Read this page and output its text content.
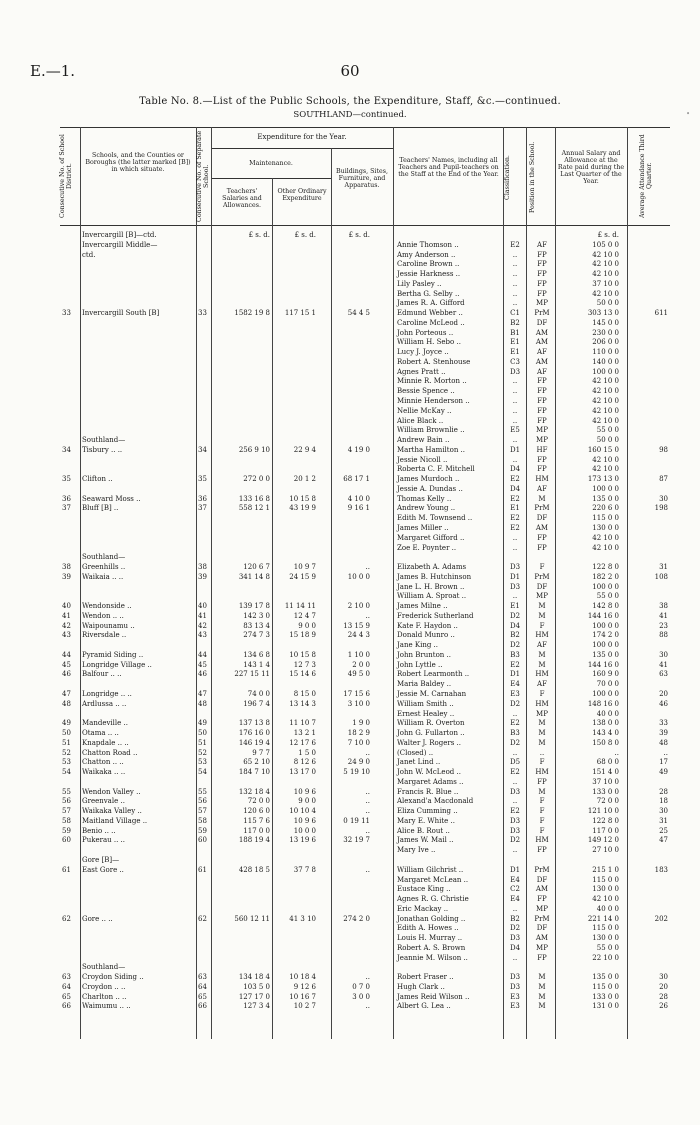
E.—1.	60
Table No. 8.—List of the Public Schools, the Expenditure, Staff, &c.—continued.
SOUTHLAND—continued.
Consecutive No. of School District.
Schools, and the Counties or Boroughs (the latter marked [B]) in which situate.	Consecutive No. of Separate School.
Expenditure for the Year.
Maintenance.
Teachers' Salaries and Allowances.
Other Ordinary Expenditure
Buildings, Sites, Furniture, and Apparatus.
Teachers' Names, including all Teachers and Pupil-teachers on the Staff at the End of the Year. Classification.	Position in the School.	Annual Salary and Allowance at the Rate paid during the Last Quarter of the Year.	Average Attendance Third Quarter.
Invercargill [B]—ctd.	£ s. d.	£ s. d.	£ s. d.	£ s. d.
Invercargill Middle—	Annie Thomson ..	E2	AF	105 0 0
ctd.	Amy Anderson ..	..	FP	42 10 0
Caroline Brown ..	..	FP	42 10 0
Jessie Harkness ..	..	FP	42 10 0
Lily Pasley ..	..	FP	37 10 0
Bertha G. Selby ..	..	FP	42 10 0
James R. A. Gifford	..	MP	50 0 0
33 Invercargill South [B]	33	1582 19 8	117 15 1	54 4 5	Edmund Webber ..	C1	PrM	303 13 0	611
Caroline McLeod ..	B2	DF	145 0 0
John Porteous ..	B1	AM	230 0 0
William H. Sebo ..	E1	AM	206 0 0
Lucy J. Joyce ..	E1	AF	110 0 0
Robert A. Stenhouse	C3	AM	140 0 0
Agnes Pratt ..	D3	AF	100 0 0
Minnie R. Morton ..	..	FP	42 10 0
Bessie Spence ..	..	FP	42 10 0
Minnie Henderson ..	..	FP	42 10 0
Nellie McKay ..	..	FP	42 10 0
Alice Black ..	..	FP	42 10 0
William Brownlie ..	E5	MP	55 0 0
Southland—	Andrew Bain ..	..	MP	50 0 0
34 Tisbury .. ..	34	256 9 10	22 9 4	4 19 0	Martha Hamilton ..	D1	HF	160 15 0	98
Jessie Nicoll ..	..	FP	42 10 0
Roberta C. F. Mitchell	D4	FP	42 10 0
35 Clifton ..	35	272 0 0	20 1 2	68 17 1	James Murdoch ..	E2	HM	173 13 0	87
Jessie A. Dundas ..	D4	AF	100 0 0
36 Seaward Moss ..	36	133 16 8	10 15 8	4 10 0	Thomas Kelly ..	E2	M	135 0 0	30
37 Bluff [B] ..	37	558 12 1	43 19 9	9 16 1	Andrew Young ..	E1	PrM	220 6 0	198
Edith M. Townsend ..	E2	DF	115 0 0
James Miller ..	E2	AM	130 0 0
Margaret Gifford ..	..	FP	42 10 0
Zoe E. Poynter ..	..	FP	42 10 0
Southland—
38 Greenhills ..	38	120 6 7	10 9 7	..	Elizabeth A. Adams	D3	F	122 8 0	31
39 Waikaia .. ..	39	341 14 8	24 15 9	10 0 0	James B. Hutchinson	D1	PrM	182 2 0	108
Jane L. H. Brown ..	D3	DF	100 0 0
William A. Sproat ..	..	MP	55 0 0
40 Wendonside ..	40	139 17 8	11 14 11	2 10 0	James Milne ..	E1	M	142 8 0	38
41 Wendon .. ..	41	142 3 0	12 4 7	..	Frederick Sutherland	D2	M	144 16 0	41
42 Waipounamu ..	42	83 13 4	9 0 0	13 15 9	Kate F. Haydon ..	D4	F	100 0 0	23
43 Riversdale ..	43	274 7 3	15 18 9	24 4 3	Donald Munro ..	B2	HM	174 2 0	88
Jane King ..	D2	AF	100 0 0
44 Pyramid Siding ..	44	134 6 8	10 15 8	1 10 0	John Brunton ..	B3	M	135 0 0	30
45 Longridge Village ..	45	143 1 4	12 7 3	2 0 0	John Lyttle ..	E2	M	144 16 0	41
46 Balfour .. ..	46	227 15 11	15 14 6	49 5 0	Robert Learmonth ..	D1	HM	160 9 0	63
Maria Baldey ..	E4	AF	70 0 0
47 Longridge .. ..	47	74 0 0	8 15 0	17 15 6	Jessie M. Carnahan	E3	F	100 0 0	20
48 Ardlussa .. ..	48	196 7 4	13 14 3	3 10 0	William Smith ..	D2	HM	148 16 0	46
Ernest Healey ..	..	MP	40 0 0
49 Mandeville ..	49	137 13 8	11 10 7	1 9 0	William R. Overton	E2	M	138 0 0	33
50 Otama .. ..	50	176 16 0	13 2 1	18 2 9	John G. Fullarton ..	B3	M	143 4 0	39
51 Knapdale .. ..	51	146 19 4	12 17 6	7 10 0	Walter J. Rogers ..	D2	M	150 8 0	48
52 Chatton Road ..	52	9 7 7	1 5 0	..	(Closed) ..	..	..	..	..
53 Chatton .. ..	53	65 2 10	8 12 6	24 9 0	Janet Lind ..	D5	F	68 0 0	17
54 Waikaka .. ..	54	184 7 10	13 17 0	5 19 10	John W. McLeod ..	E2	HM	151 4 0	49
Margaret Adams ..	..	FP	37 10 0
55 Wendon Valley ..	55	132 18 4	10 9 6	..	Francis R. Blue ..	D3	M	133 0 0	28
56 Greenvale ..	56	72 0 0	9 0 0	..	Alexand'a Macdonald	..	F	72 0 0	18
57 Waikaka Valley ..	57	120 6 0	10 10 4	..	Eliza Cumming ..	E2	F	121 10 0	30
58 Maitland Village ..	58	115 7 6	10 9 6	0 19 11	Mary E. White ..	D3	F	122 8 0	31
59 Benio .. ..	59	117 0 0	10 0 0	..	Alice B. Rout ..	D3	F	117 0 0	25
60 Pukerau .. ..	60	188 19 4	13 19 6	32 19 7	James W. Mail ..	D2	HM	149 12 0	47
Mary Ive ..	..	FP	27 10 0
Gore [B]—
61 East Gore ..	61	428 18 5	37 7 8	..	William Gilchrist ..	D1	PrM	215 1 0	183
Margaret McLean ..	E4	DF	115 0 0
Eustace King ..	C2	AM	130 0 0
Agnes R. G. Christie	E4	FP	42 10 0
Eric Mackay ..	..	MP	40 0 0
62 Gore .. ..	62	560 12 11	41 3 10	274 2 0	Jonathan Golding ..	B2	PrM	221 14 0	202
Edith A. Howes ..	D2	DF	115 0 0
Louis H. Murray ..	D3	AM	130 0 0
Robert A. S. Brown	D4	MP	55 0 0
Jeannie M. Wilson ..	..	FP	22 10 0
Southland—
63 Croydon Siding ..	63	134 18 4	10 18 4	..	Robert Fraser ..	D3	M	135 0 0	30
64 Croydon .. ..	64	103 5 0	9 12 6	0 7 0	Hugh Clark ..	D3	M	115 0 0	20
65 Charlton .. ..	65	127 17 0	10 16 7	3 0 0	James Reid Wilson ..	E3	M	133 0 0	28
66 Waimumu .. ..	66	127 3 4	10 2 7	..	Albert G. Lea ..	E3	M	131 0 0	26
•
